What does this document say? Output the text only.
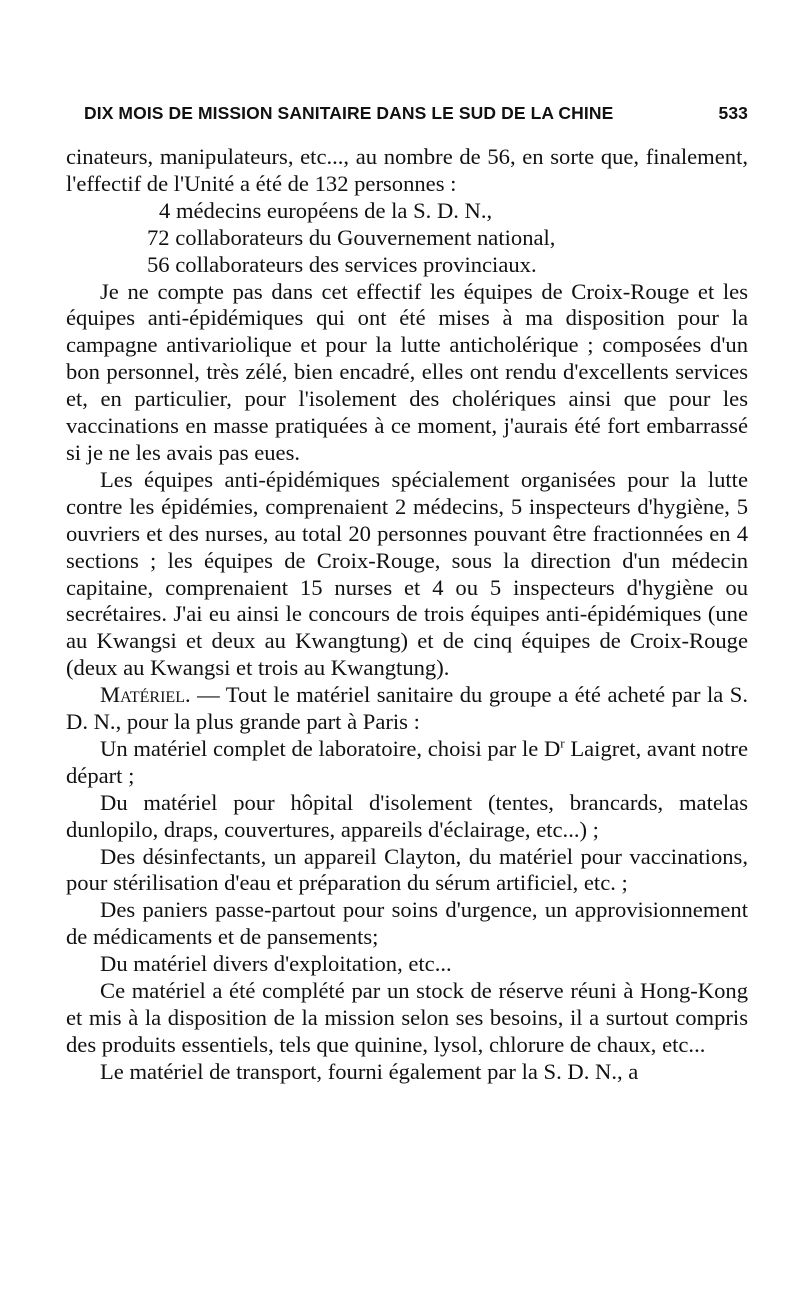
DIX MOIS DE MISSION SANITAIRE DANS LE SUD DE LA CHINE	533

cinateurs, manipulateurs, etc..., au nombre de 56, en sorte que, finalement, l'effectif de l'Unité a été de 132 personnes :

4 médecins européens de la S. D. N.,

72 collaborateurs du Gouvernement national,

56 collaborateurs des services provinciaux.

Je ne compte pas dans cet effectif les équipes de Croix-Rouge et les équipes anti-épidémiques qui ont été mises à ma disposition pour la campagne antivariolique et pour la lutte anticholérique ; composées d'un bon personnel, très zélé, bien encadré, elles ont rendu d'excellents services et, en particulier, pour l'isolement des cholériques ainsi que pour les vaccinations en masse pratiquées à ce moment, j'aurais été fort embarrassé si je ne les avais pas eues.

Les équipes anti-épidémiques spécialement organisées pour la lutte contre les épidémies, comprenaient 2 médecins, 5 inspecteurs d'hygiène, 5 ouvriers et des nurses, au total 20 personnes pouvant être fractionnées en 4 sections ; les équipes de Croix-Rouge, sous la direction d'un médecin capitaine, comprenaient 15 nurses et 4 ou 5 inspecteurs d'hygiène ou secrétaires. J'ai eu ainsi le concours de trois équipes anti-épidémiques (une au Kwangsi et deux au Kwangtung) et de cinq équipes de Croix-Rouge (deux au Kwangsi et trois au Kwangtung).

Matériel. — Tout le matériel sanitaire du groupe a été acheté par la S. D. N., pour la plus grande part à Paris :

Un matériel complet de laboratoire, choisi par le $D^r$ Laigret, avant notre départ ;

Du matériel pour hôpital d'isolement (tentes, brancards, matelas dunlopilo, draps, couvertures, appareils d'éclairage, etc...) ;

Des désinfectants, un appareil Clayton, du matériel pour vaccinations, pour stérilisation d'eau et préparation du sérum artificiel, etc. ;

Des paniers passe-partout pour soins d'urgence, un approvisionnement de médicaments et de pansements;

Du matériel divers d'exploitation, etc...

Ce matériel a été complété par un stock de réserve réuni à Hong-Kong et mis à la disposition de la mission selon ses besoins, il a surtout compris des produits essentiels, tels que quinine, lysol, chlorure de chaux, etc...

Le matériel de transport, fourni également par la S. D. N., a
